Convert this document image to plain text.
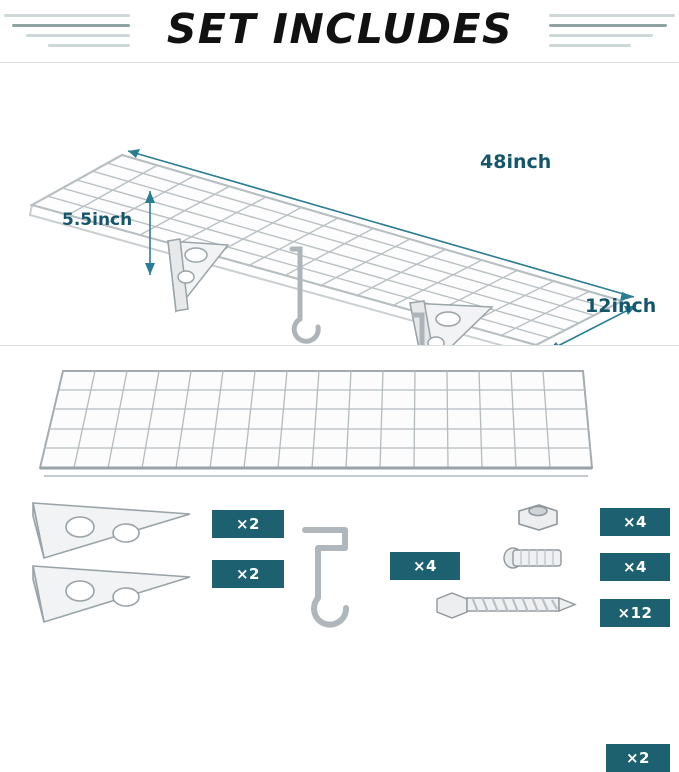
SET INCLUDES
48inch
5.5inch
12inch
×2
×2
×2	×4
×4
×4
×12
